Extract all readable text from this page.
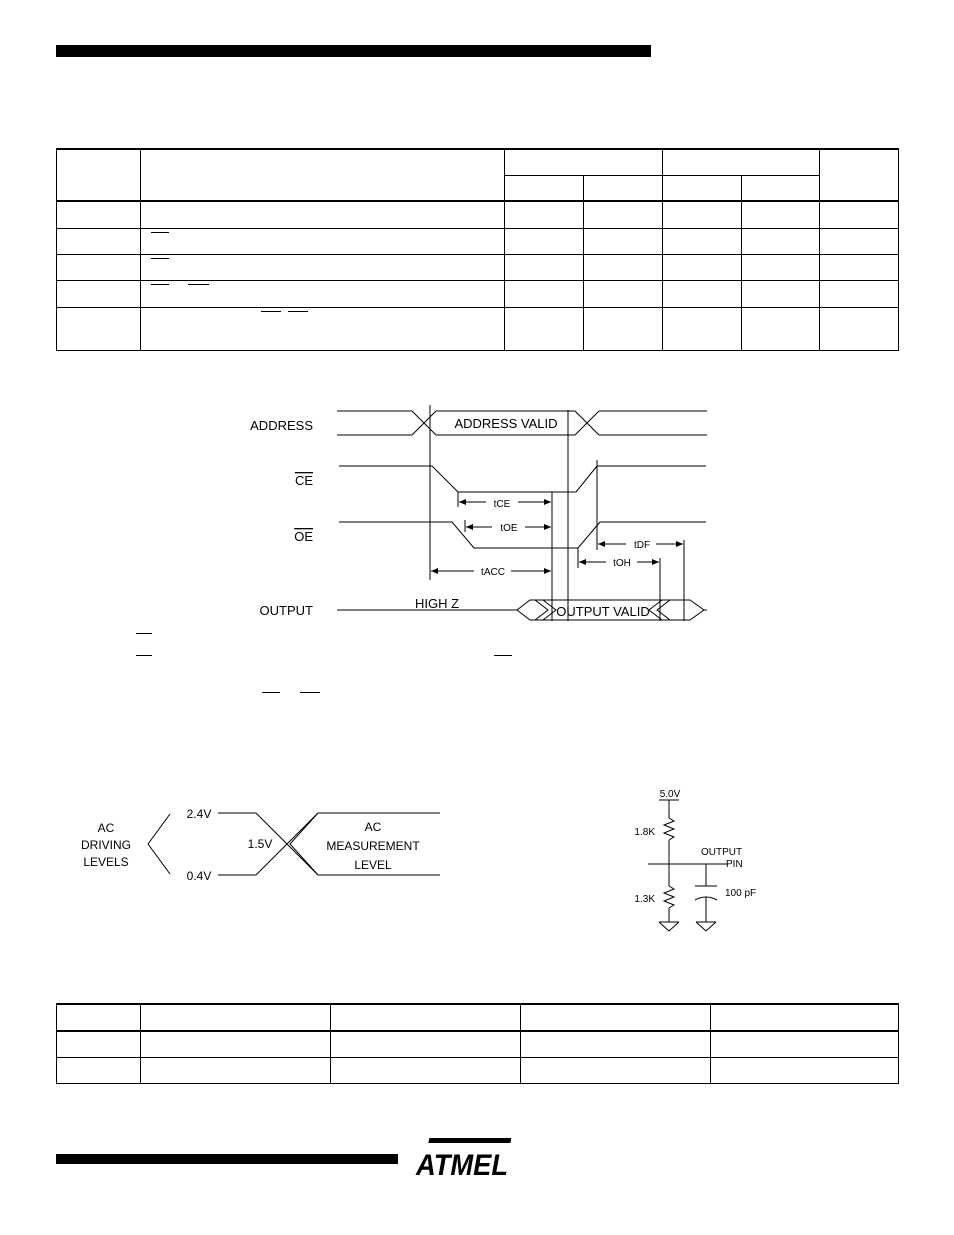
ADDRESS
CE
OE
OUTPUT
ADDRESS VALID
OUTPUT VALID
HIGH Z
tCE
tOE
tACC
tDF
tOH
AC
DRIVING
LEVELS
2.4V
1.5V
0.4V
AC
MEASUREMENT
LEVEL
5.0V
1.8K
1.3K
OUTPUT
PIN
100 pF

ATMEL
